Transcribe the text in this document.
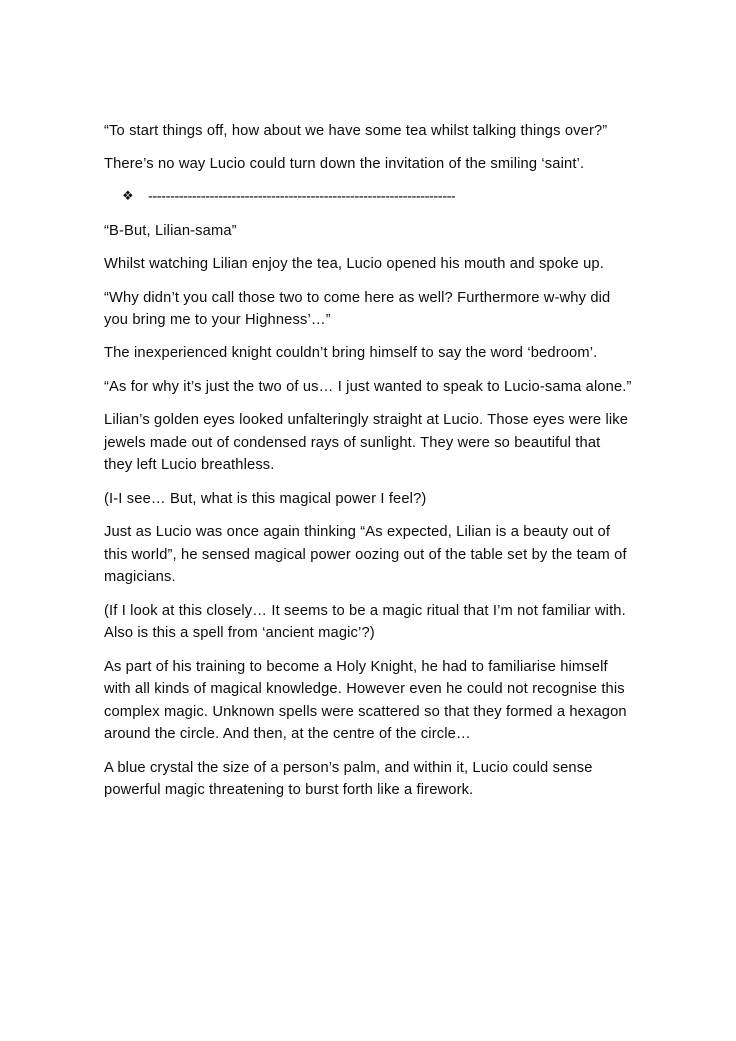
“To start things off, how about we have some tea whilst talking things over?”

There’s no way Lucio could turn down the invitation of the smiling ‘saint’.

❖ ----------------------------------------------------------------------

“B-But, Lilian-sama”

Whilst watching Lilian enjoy the tea, Lucio opened his mouth and spoke up.

“Why didn’t you call those two to come here as well? Furthermore w-why did you bring me to your Highness’…”

The inexperienced knight couldn’t bring himself to say the word ‘bedroom’.

“As for why it’s just the two of us… I just wanted to speak to Lucio-sama alone.”

Lilian’s golden eyes looked unfalteringly straight at Lucio. Those eyes were like jewels made out of condensed rays of sunlight. They were so beautiful that they left Lucio breathless.

(I-I see… But, what is this magical power I feel?)

Just as Lucio was once again thinking “As expected, Lilian is a beauty out of this world”, he sensed magical power oozing out of the table set by the team of magicians.

(If I look at this closely… It seems to be a magic ritual that I’m not familiar with. Also is this a spell from ‘ancient magic’?)

As part of his training to become a Holy Knight, he had to familiarise himself with all kinds of magical knowledge. However even he could not recognise this complex magic. Unknown spells were scattered so that they formed a hexagon around the circle. And then, at the centre of the circle…

A blue crystal the size of a person’s palm, and within it, Lucio could sense powerful magic threatening to burst forth like a firework.
